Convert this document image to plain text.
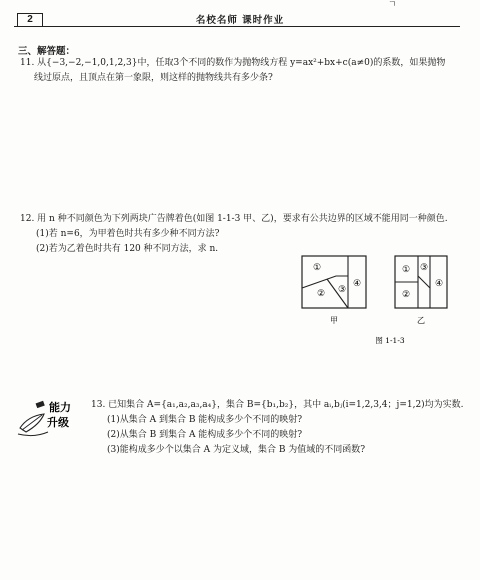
ㄱ
2	名校名师 课时作业
三、解答题：
11. 从{−3,−2,−1,0,1,2,3}中，任取3个不同的数作为抛物线方程 y=ax²+bx+c(a≠0)的系数，如果抛物
线过原点，且顶点在第一象限，则这样的抛物线共有多少条?
12. 用 n 种不同颜色为下列两块广告牌着色(如图 1-1-3 甲、乙)，要求有公共边界的区域不能用同一种颜色.
(1)若 n=6，为甲着色时共有多少种不同方法?
(2)若为乙着色时共有 120 种不同方法，求 n.
①
② ③
④
①
②
③
④
甲	乙
图 1-1-3
能力
升级
13. 已知集合 A={a₁,a₂,a₃,a₄}，集合 B={b₁,b₂}，其中 aᵢ,bⱼ(i=1,2,3,4；j=1,2)均为实数.
(1)从集合 A 到集合 B 能构成多少个不同的映射?
(2)从集合 B 到集合 A 能构成多少个不同的映射?
(3)能构成多少个以集合 A 为定义域，集合 B 为值域的不同函数?
